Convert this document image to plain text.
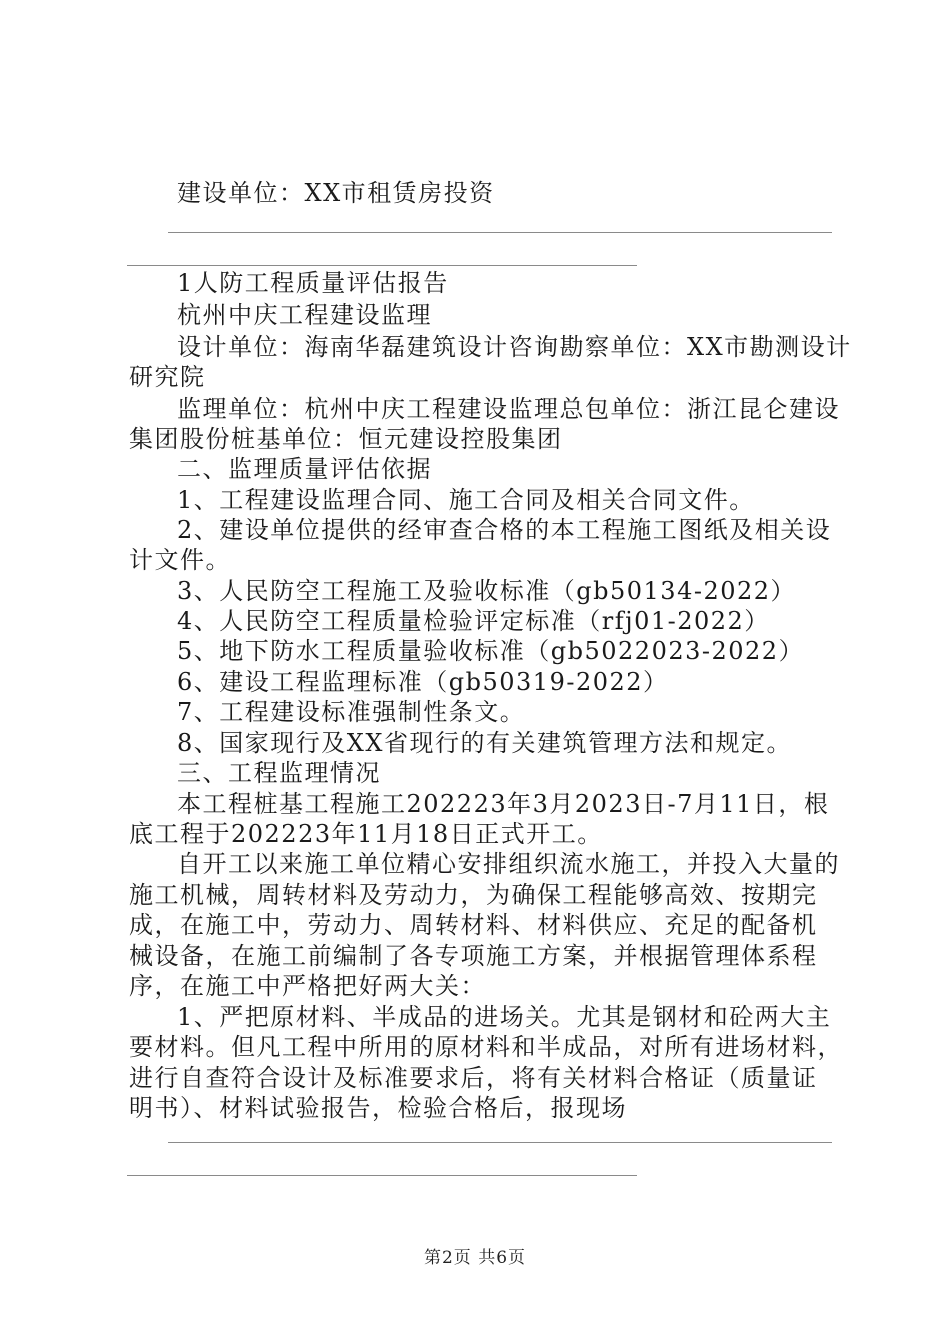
建设单位：XX市租赁房投资
1人防工程质量评估报告
杭州中庆工程建设监理
设计单位：海南华磊建筑设计咨询勘察单位：XX市勘测设计
研究院
监理单位：杭州中庆工程建设监理总包单位：浙江昆仑建设
集团股份桩基单位：恒元建设控股集团
二、监理质量评估依据
1、工程建设监理合同、施工合同及相关合同文件。
2、建设单位提供的经审查合格的本工程施工图纸及相关设
计文件。
3、人民防空工程施工及验收标准（gb50134-2022）
4、人民防空工程质量检验评定标准（rfj01-2022）
5、地下防水工程质量验收标准（gb5022023-2022）
6、建设工程监理标准（gb50319-2022）
7、工程建设标准强制性条文。
8、国家现行及XX省现行的有关建筑管理方法和规定。
三、工程监理情况
本工程桩基工程施工202223年3月2023日-7月11日，根
底工程于202223年11月18日正式开工。
自开工以来施工单位精心安排组织流水施工，并投入大量的
施工机械，周转材料及劳动力，为确保工程能够高效、按期完
成，在施工中，劳动力、周转材料、材料供应、充足的配备机
械设备，在施工前编制了各专项施工方案，并根据管理体系程
序，在施工中严格把好两大关：
1、严把原材料、半成品的进场关。尤其是钢材和砼两大主
要材料。但凡工程中所用的原材料和半成品，对所有进场材料，
进行自查符合设计及标准要求后，将有关材料合格证（质量证
明书）、材料试验报告，检验合格后，报现场
第2页 共6页
